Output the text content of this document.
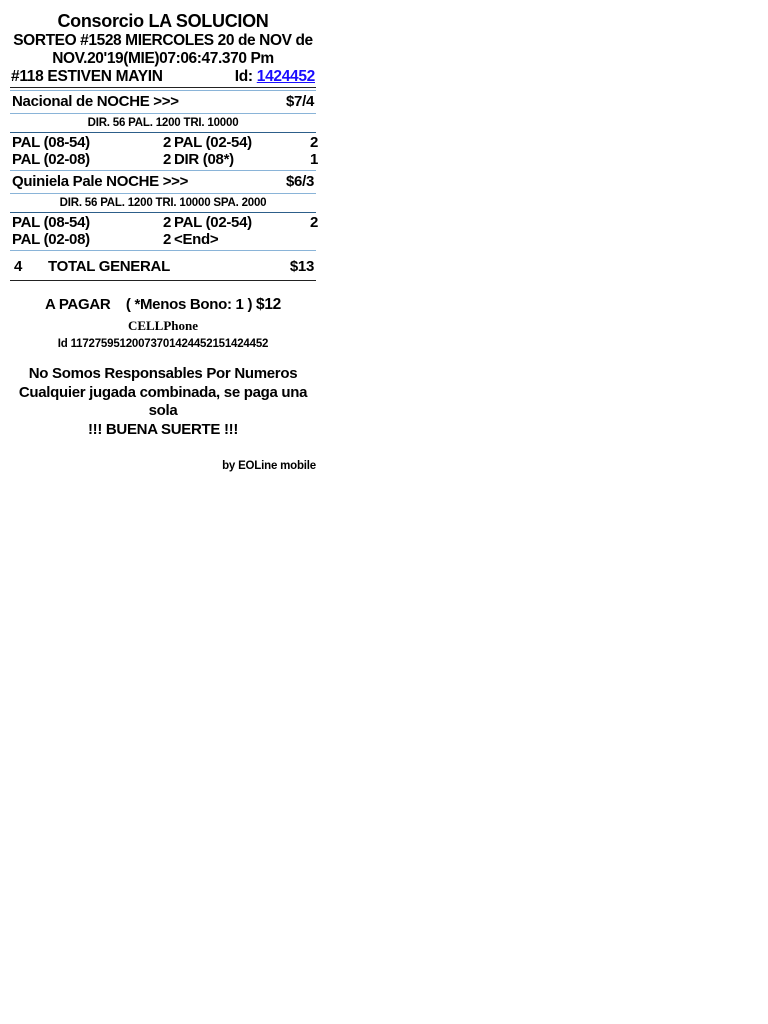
Consorcio LA SOLUCION
SORTEO #1528 MIERCOLES 20 de NOV de
NOV.20'19(MIE)07:06:47.370 Pm
#118 ESTIVEN MAYIN	Id: 1424452
Nacional de NOCHE >>>	$7/4
DIR. 56 PAL. 1200 TRI. 10000
PAL (08-54)	2 PAL (02-54)	2
PAL (02-08)	2 DIR (08*)	1
Quiniela Pale NOCHE >>>	$6/3
DIR. 56 PAL. 1200 TRI. 10000 SPA. 2000
PAL (08-54)	2 PAL (02-54)	2
PAL (02-08)	2 <End>
4	TOTAL GENERAL	$13
A PAGAR ( *Menos Bono: 1 ) $12
CELLPhone
Id 11727595120073701424452151424452
No Somos Responsables Por Numeros
Cualquier jugada combinada, se paga una sola
!!! BUENA SUERTE !!!
by EOLine mobile
